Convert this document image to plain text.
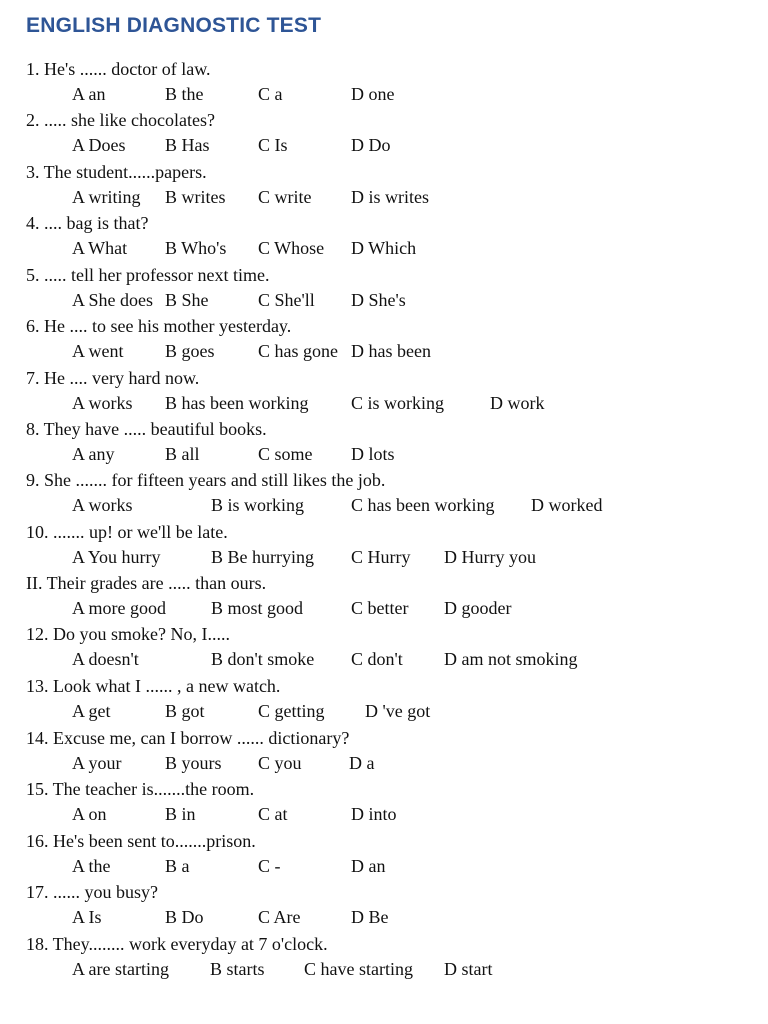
ENGLISH DIAGNOSTIC TEST
1. He's ...... doctor of law.
A an	B the	C a	D one
2. ..... she like chocolates?
A Does B Has	C Is	D Do
3. The student......papers.
A writing B writes C write D is writes
4. .... bag is that?
A What B Who's C Whose D Which
5. ..... tell her professor next time.
A She does B She	C She'll D She's
6. He .... to see his mother yesterday.
A went B goes C has gone D has been
7. He .... very hard now.
A works B has been working C is working	D work
8. They have ..... beautiful books.
A any	B all	C some D lots
9. She ....... for fifteen years and still likes the job.
A works	B is working	C has been working D worked
10. ....... up! or we'll be late.
A You hurry	B Be hurrying C Hurry D Hurry you
II. Their grades are ..... than ours.
A more good	B most good	C better D gooder
12. Do you smoke? No, I.....
A doesn't	B don't smoke C don't D am not smoking
13. Look what I ...... , a new watch.
A get	B got	C getting D 've got
14. Excuse me, can I borrow ...... dictionary?
A your B yours C you	D a
15. The teacher is.......the room.
A on	B in	C at	D into
16. He's been sent to.......prison.
A the	B a	C -	D an
17. ...... you busy?
A Is	B Do	C Are	D Be
18. They........ work everyday at 7 o'clock.
A are starting B starts C have starting D start
